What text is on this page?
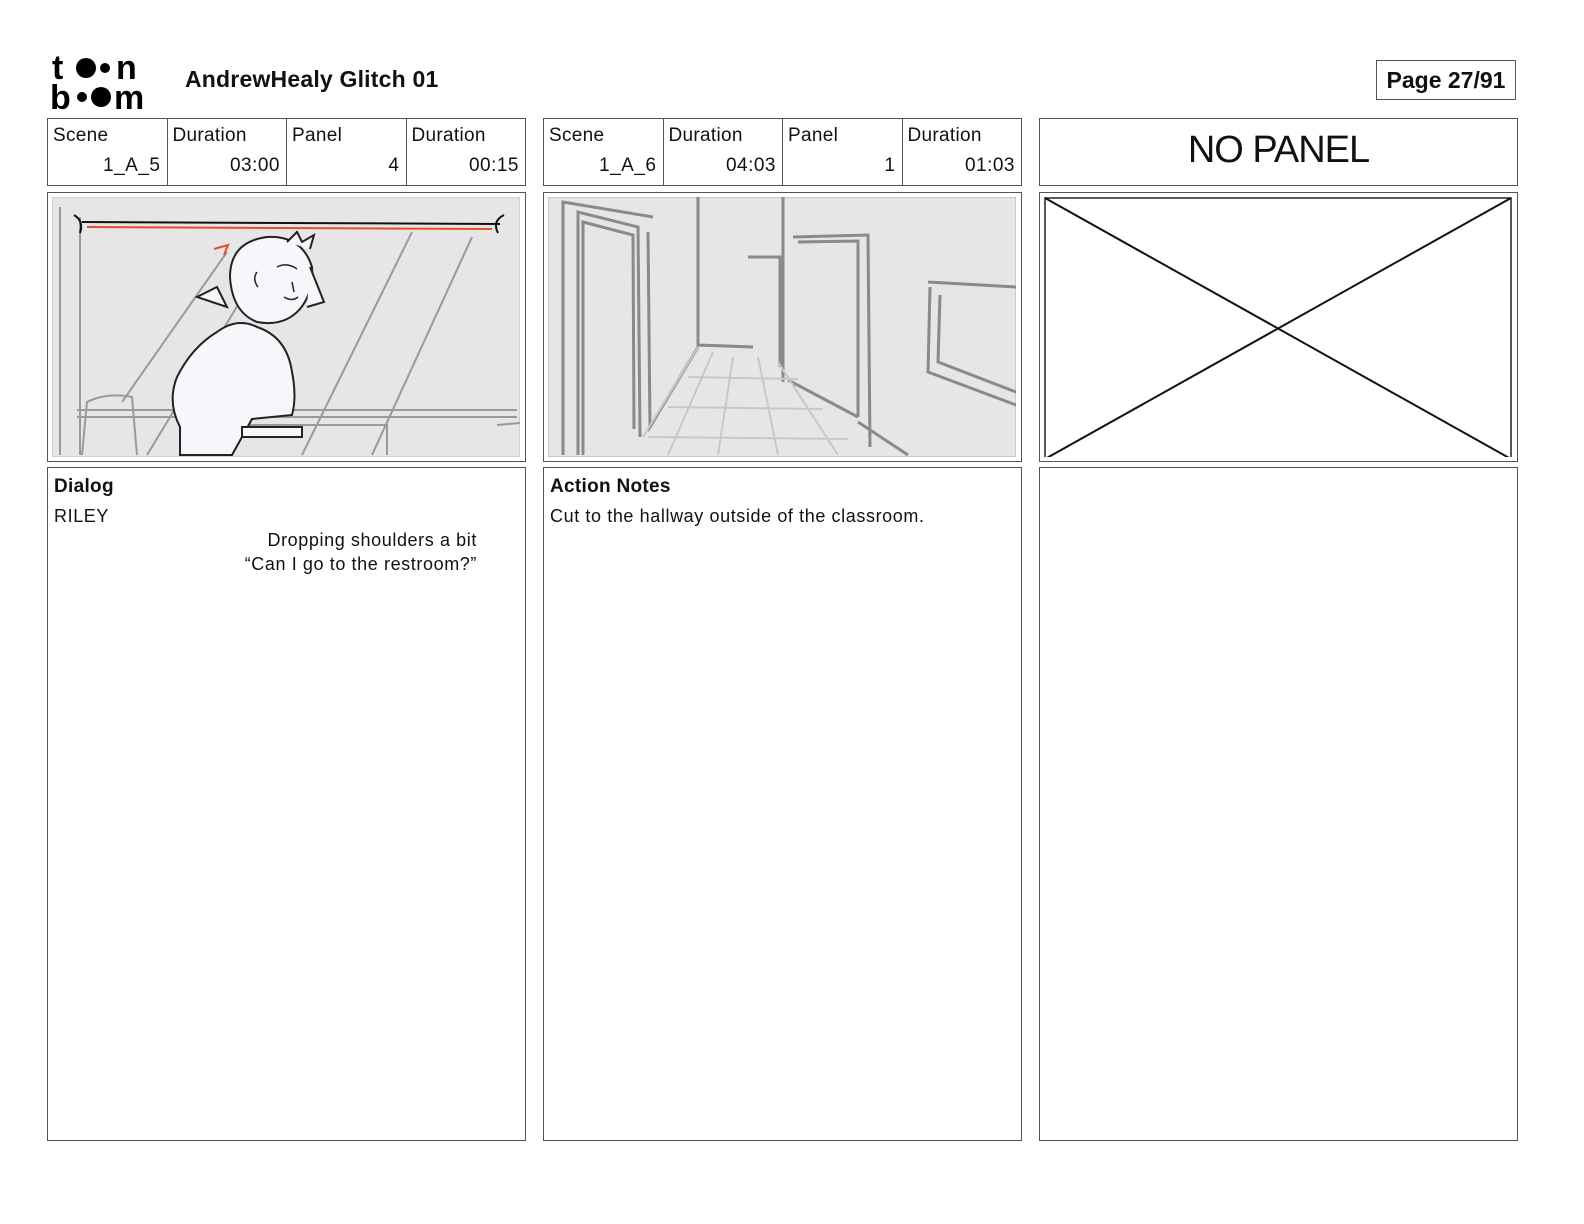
t n
b m AndrewHealy Glitch 01	Page 27/91
Scene
1_A_5
Duration
03:00
Panel
4
Duration
00:15
Scene
1_A_6
Duration
04:03
Panel
1
Duration
01:03	NO PANEL
Dialog
RILEY
Dropping shoulders a bit
“Can I go to the restroom?”
Action Notes
Cut to the hallway outside of the classroom.
